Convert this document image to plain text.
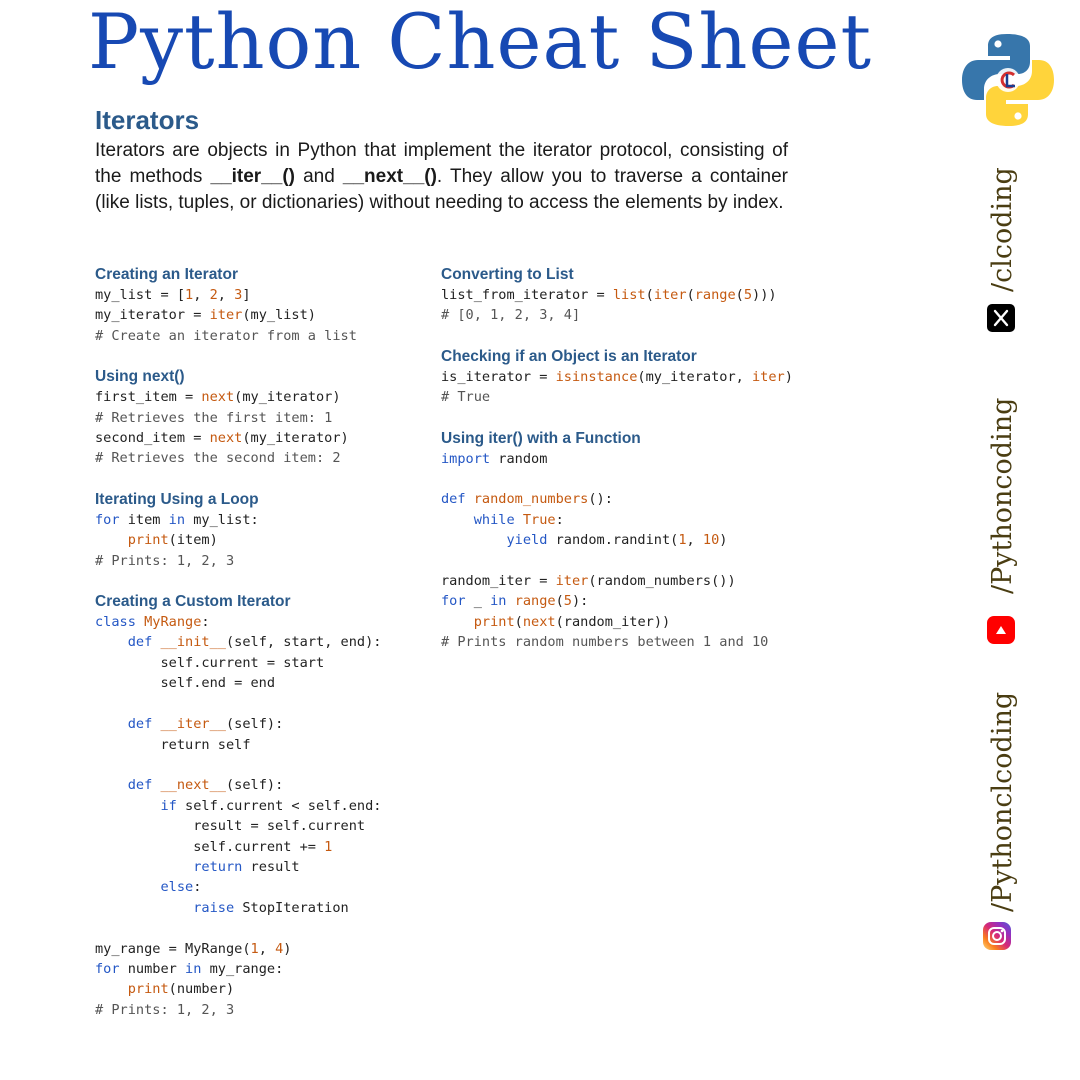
Python Cheat Sheet
Iterators
Iterators are objects in Python that implement the iterator protocol, consisting of the methods __iter__() and __next__(). They allow you to traverse a container (like lists, tuples, or dictionaries) without needing to access the elements by index.
Creating an Iterator
my_list = [1, 2, 3]
my_iterator = iter(my_list)
# Create an iterator from a list
Using next()
first_item = next(my_iterator)
# Retrieves the first item: 1
second_item = next(my_iterator)
# Retrieves the second item: 2
Iterating Using a Loop
for item in my_list:
print(item)
# Prints: 1, 2, 3
Creating a Custom Iterator
class MyRange:
def __init__(self, start, end):
self.current = start
self.end = end

def __iter__(self):
return self

def __next__(self):
if self.current < self.end:
result = self.current
self.current += 1
return result
else:
raise StopIteration

my_range = MyRange(1, 4)
for number in my_range:
print(number)
# Prints: 1, 2, 3
Converting to List
list_from_iterator = list(iter(range(5)))
# [0, 1, 2, 3, 4]
Checking if an Object is an Iterator
is_iterator = isinstance(my_iterator, iter)
# True
Using iter() with a Function
import random

def random_numbers():
while True:
yield random.randint(1, 10)

random_iter = iter(random_numbers())
for _ in range(5):
print(next(random_iter))
# Prints random numbers between 1 and 10
/clcoding
/Pythoncoding
/Pythonclcoding
